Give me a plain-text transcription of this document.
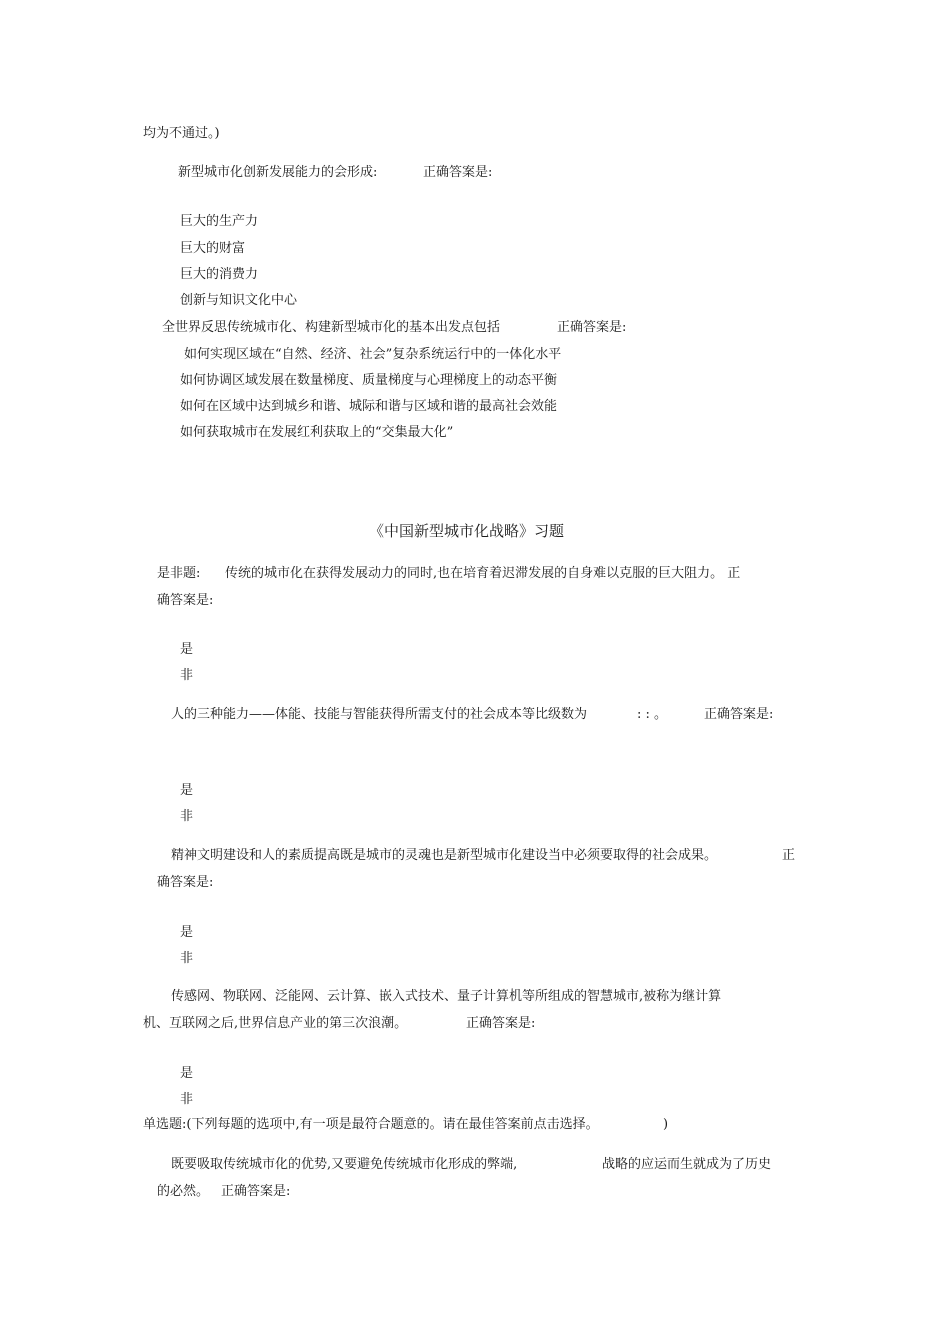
均为不通过。)
新型城市化创新发展能力的会形成:	正确答案是:
巨大的生产力
巨大的财富
巨大的消费力
创新与知识文化中心
全世界反思传统城市化、构建新型城市化的基本出发点包括	正确答案是:
如何实现区域在“自然、经济、社会”复杂系统运行中的一体化水平
如何协调区域发展在数量梯度、质量梯度与心理梯度上的动态平衡
如何在区域中达到城乡和谐、城际和谐与区域和谐的最高社会效能
如何获取城市在发展红利获取上的“交集最大化”
《中国新型城市化战略》习题
是非题: 传统的城市化在获得发展动力的同时,也在培育着迟滞发展的自身难以克服的巨大阻力。 正
确答案是:
是
非
人的三种能力——体能、技能与智能获得所需支付的社会成本等比级数为	: : 。	正确答案是:
是
非
精神文明建设和人的素质提高既是城市的灵魂也是新型城市化建设当中必须要取得的社会成果。	正
确答案是:
是
非
传感网、物联网、泛能网、云计算、嵌入式技术、量子计算机等所组成的智慧城市,被称为继计算
机、互联网之后,世界信息产业的第三次浪潮。	正确答案是:
是
非
单选题:(下列每题的选项中,有一项是最符合题意的。请在最佳答案前点击选择。	)
既要吸取传统城市化的优势,又要避免传统城市化形成的弊端,	战略的应运而生就成为了历史
的必然。 正确答案是:
